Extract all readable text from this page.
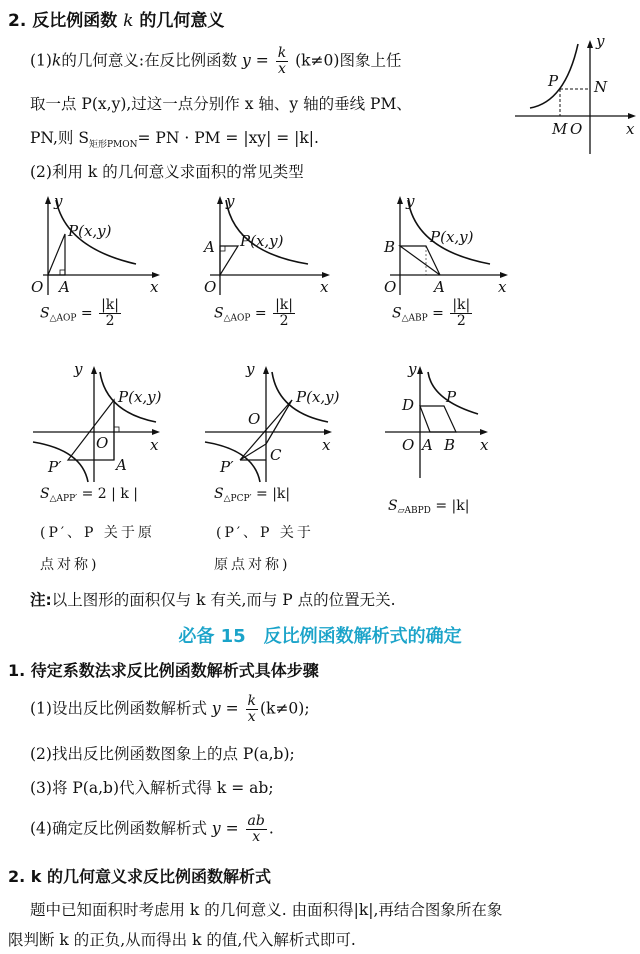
2. 反比例函数 k 的几何意义
(1)k的几何意义:在反比例函数 $y = \frac{k}{x} (k\ne 0)$图象上任
取一点 P(x,y),过这一点分别作 x 轴、y 轴的垂线 PM、
PN,则 $S_{矩形PMON}=$ PN · PM = |xy| = |k|.
(2)利用 k 的几何意义求面积的常见类型
y
x
P N
M O
y
x
P(x,y)
O A
$S_{\triangle AOP} = \frac{|k|}{2}$
y
x
P(x,y)
O
A
$S_{\triangle AOP} = \frac{|k|}{2}$
y
x
P(x,y)
O
B
A
$S_{\triangle ABP} = \frac{|k|}{2}$
y
x
P(x,y)
O
P′	A
$S_{\triangle APP'} = 2$ | k |
(P′、P 关于原
点对称)
y
x
P(x,y)
O
P′
C
$S_{\triangle PCP'} = |k|$
(P′、P 关于
原点对称)
y
x
P
D
O A B
$S_{▱ABPD} = |k|$
注:以上图形的面积仅与 k 有关,而与 P 点的位置无关.
必备 15　反比例函数解析式的确定
1. 待定系数法求反比例函数解析式具体步骤
(1)设出反比例函数解析式 $y = \frac{k}{x} (k\ne 0)$;
(2)找出反比例函数图象上的点 P(a,b);
(3)将 P(a,b)代入解析式得 k = ab;
(4)确定反比例函数解析式 $y = \frac{ab}{x}$ .
2. k 的几何意义求反比例函数解析式
题中已知面积时考虑用 k 的几何意义. 由面积得|k|,再结合图象所在象
限判断 k 的正负,从而得出 k 的值,代入解析式即可.
